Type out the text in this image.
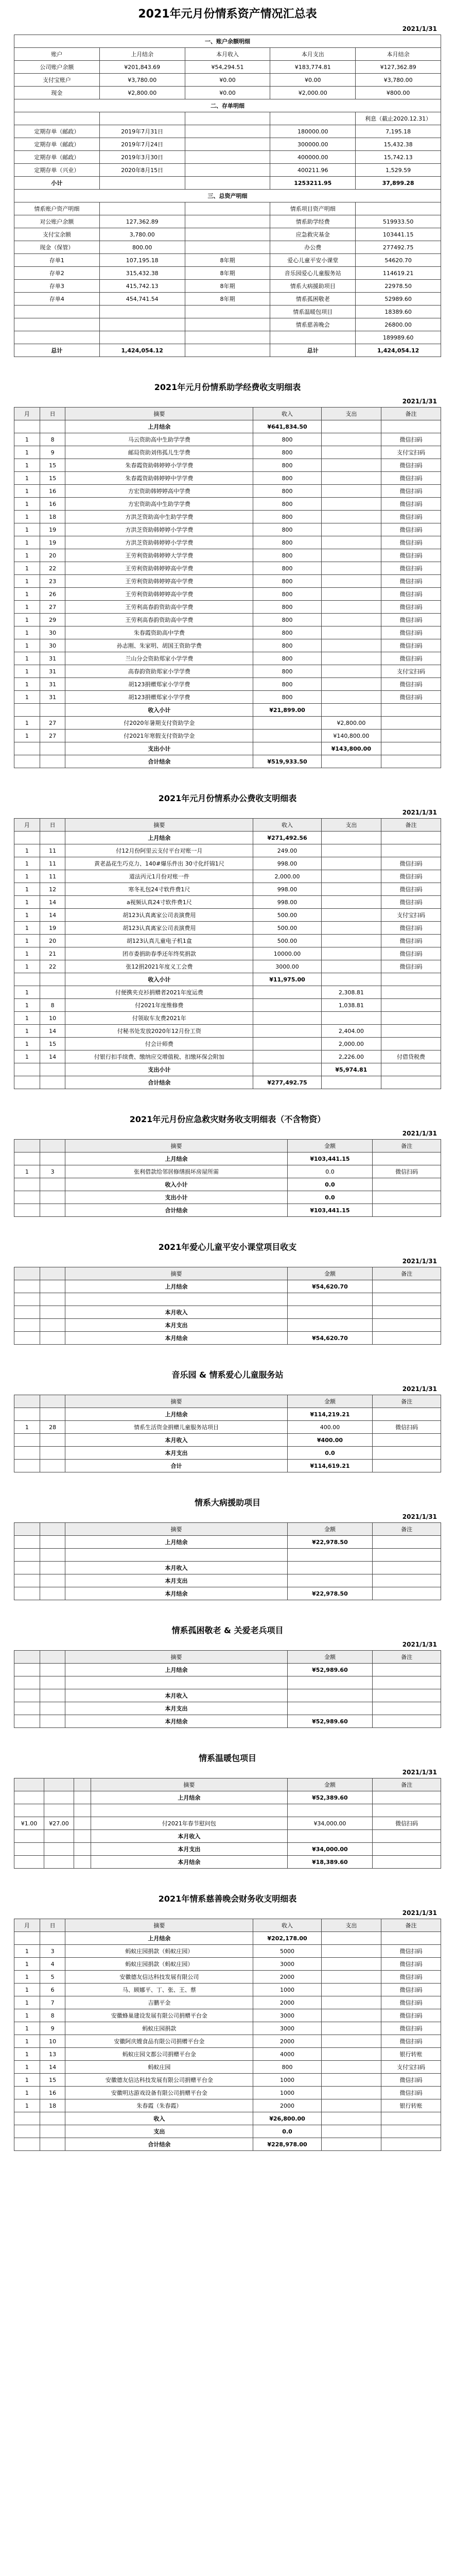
2021年元月份情系资产情况汇总表
2021/1/31
一、账户余额明细				
账户	上月结余	本月收入	本月支出	本月结余
公司账户余额	¥201,843.69	¥54,294.51	¥183,774.81	¥127,362.89
支付宝账户	¥3,780.00	¥0.00	¥0.00	¥3,780.00
现金	¥2,800.00	¥0.00	¥2,000.00	¥800.00
二、存单明细				
				利息（截止2020.12.31）
定期存单（邮政）	2019年7月31日		180000.00	7,195.18
定期存单（邮政）	2019年7月24日		300000.00	15,432.38
定期存单（邮政）	2019年3月30日		400000.00	15,742.13
定期存单（兴业）	2020年8月15日		400211.96	1,529.59
小计			1253211.95	37,899.28
三、总资产明细				
情系账户资产明细			情系项目资产明细	
对公账户余额	127,362.89		情系助学经费	519933.50
支付宝余额	3,780.00		应急救灾基金	103441.15
现金（保管）	800.00		办公费	277492.75
存单1	107,195.18	8年期	爱心儿童平安小课堂	54620.70
存单2	315,432.38	8年期	音乐园爱心儿童服务站	114619.21
存单3	415,742.13	8年期	情系大病援助项目	22978.50
存单4	454,741.54	8年期	情系孤困敬老	52989.60
			情系温暖包项目	18389.60
			情系慈善晚会	26800.00
				189989.60
总计	1,424,054.12		总计	1,424,054.12
2021年元月份情系助学经费收支明细表
2021/1/31
月	日	摘要	收入	支出	备注
		上月结余	¥641,834.50		
1	8	马云资助高中生助学学费	800		微信扫码
1	9	邮局资助刘伟孤儿生学费	800		支付宝扫码
1	15	朱春霞资助韩婷婷小学学费	800		微信扫码
1	15	朱春霞资助韩婷婷中学学费	800		微信扫码
1	16	方宏资助韩婷婷高中学费	800		微信扫码
1	16	方宏资助高中生助学学费	800		微信扫码
1	18	方洪芝资助高中生助学学费	800		微信扫码
1	19	方洪芝资助韩婷婷小学学费	800		微信扫码
1	19	方洪芝资助韩婷婷小学学费	800		微信扫码
1	20	王劳利资助韩婷婷大学学费	800		微信扫码
1	22	王劳利资助韩婷婷高中学费	800		微信扫码
1	23	王劳利资助韩婷婷高中学费	800		微信扫码
1	26	王劳利资助韩婷婷高中学费	800		微信扫码
1	27	王劳利高春韵资助高中学费	800		微信扫码
1	29	王劳利高春韵资助高中学费	800		微信扫码
1	30	朱春霞资助高中学费	800		微信扫码
1	30	孙志刚、朱家明、胡国王资助学费	800		微信扫码
1	31	兰山分会资助郑家小学学费	800		微信扫码
1	31	高春韵资助郑家小学学费	800		支付宝扫码
1	31	胡123捐赠郑家小学学费	800		微信扫码
1	31	胡123捐赠郑家小学学费	800		微信扫码
		收入小计	¥21,899.00		
1	27	付2020年暑期支付资助学金		¥2,800.00	
1	27	付2021年寒假支付资助学金		¥140,800.00	
		支出小计		¥143,800.00	
		合计结余	¥519,933.50		
2021年元月份情系办公费收支明细表
2021/1/31
月	日	摘要	收入	支出	备注
		上月结余	¥271,492.56		
1	11	付12月份阿里云支付平台对账一月	249.00		
1	11	黄老晶花生巧克力、140#爆乐件出 30寸化纤锦1尺	998.00		微信扫码
1	11	道法丙元1月份对账一件	2,000.00		微信扫码
1	12	寒冬礼包24寸软件费1尺	998.00		微信扫码
1	14	a视频认真24寸软件费1尺	998.00		微信扫码
1	14	胡123认真离家公司表演费用	500.00		支付宝扫码
1	19	胡123认真离家公司表演费用	500.00		微信扫码
1	20	胡123认真儿童电子机1盒	500.00		微信扫码
1	21	团市委捐助春季还年终奖捐款	10000.00		微信扫码
1	22	张12捐2021年度义工会费	3000.00		微信扫码
		收入小计	¥11,975.00		
1		付便携夹克衫捐赠者2021年度运费		2,308.81	
1	8	付2021年度维修费		1,038.81	
1	10	付领取车友费2021年			
1	14	付秘书处发放2020年12月份工资		2,404.00	
1	15	付会计师费		2,000.00	
1	14	付银行扣手续费、缴纳应交增值税、扣缴环保会附加		2,226.00	付借贷税费
		支出小计		¥5,974.81	
		合计结余	¥277,492.75		
2021年元月份应急救灾财务收支明细表（不含物资）
2021/1/31
		摘要	金额	备注
		上月结余	¥103,441.15	
1	3	张利借款给邻居修缮损坏房屋所需	0.0	微信扫码
		收入小计	0.0	
		支出小计	0.0	
		合计结余	¥103,441.15	
2021年爱心儿童平安小课堂项目收支
2021/1/31
		摘要	金额	备注
		上月结余	¥54,620.70	

		本月收入		
		本月支出		
		本月结余	¥54,620.70	
音乐园 & 情系爱心儿童服务站
2021/1/31
		摘要	金额	备注
		上月结余	¥114,219.21	
1	28	情系生活资金捐赠儿童服务站项目	400.00	微信扫码
		本月收入	¥400.00	
		本月支出	0.0	
		合计	¥114,619.21	
情系大病援助项目
2021/1/31
		摘要	金额	备注
		上月结余	¥22,978.50	

		本月收入		
		本月支出		
		本月结余	¥22,978.50	
情系孤困敬老 & 关爱老兵项目
2021/1/31
		摘要	金额	备注
		上月结余	¥52,989.60	

		本月收入		
		本月支出		
		本月结余	¥52,989.60	
情系温暖包项目
2021/1/31
			摘要	金额	备注
			上月结余	¥52,389.60	

¥1.00	¥27.00		付2021年春节慰问包	¥34,000.00	微信扫码
			本月收入		
			本月支出	¥34,000.00	
			本月结余	¥18,389.60	
2021年情系慈善晚会财务收支明细表
2021/1/31
月	日	摘要	收入	支出	备注
		上月结余	¥202,178.00		
1	3	蚂蚁庄园捐款（蚂蚁庄园）	5000		微信扫码
1	4	蚂蚁庄园捐款（蚂蚁庄园）	3000		微信扫码
1	5	安徽德友信达科技发展有限公司	2000		微信扫码
1	6	马、顾娜平、丁、张、王、蔡	1000		微信扫码
1	7	吉鹏平金	2000		微信扫码
1	8	安徽蜂巢建设发展有限公司捐赠平台金	3000		微信扫码
1	9	蚂蚁庄园捐款	3000		微信扫码
1	10	安徽阿庆嫂食品有限公司捐赠平台金	2000		微信扫码
1	13	蚂蚁庄园文都公司捐赠平台金	4000		银行转账
1	14	蚂蚁庄园	800		支付宝扫码
1	15	安徽德友信达科技发展有限公司捐赠平台金	1000		微信扫码
1	16	安徽明达游戏设备有限公司捐赠平台金	1000		微信扫码
1	18	朱春霞（朱春霞）	2000		银行转账
		收入	¥26,800.00		
		支出	0.0		
		合计结余	¥228,978.00		
